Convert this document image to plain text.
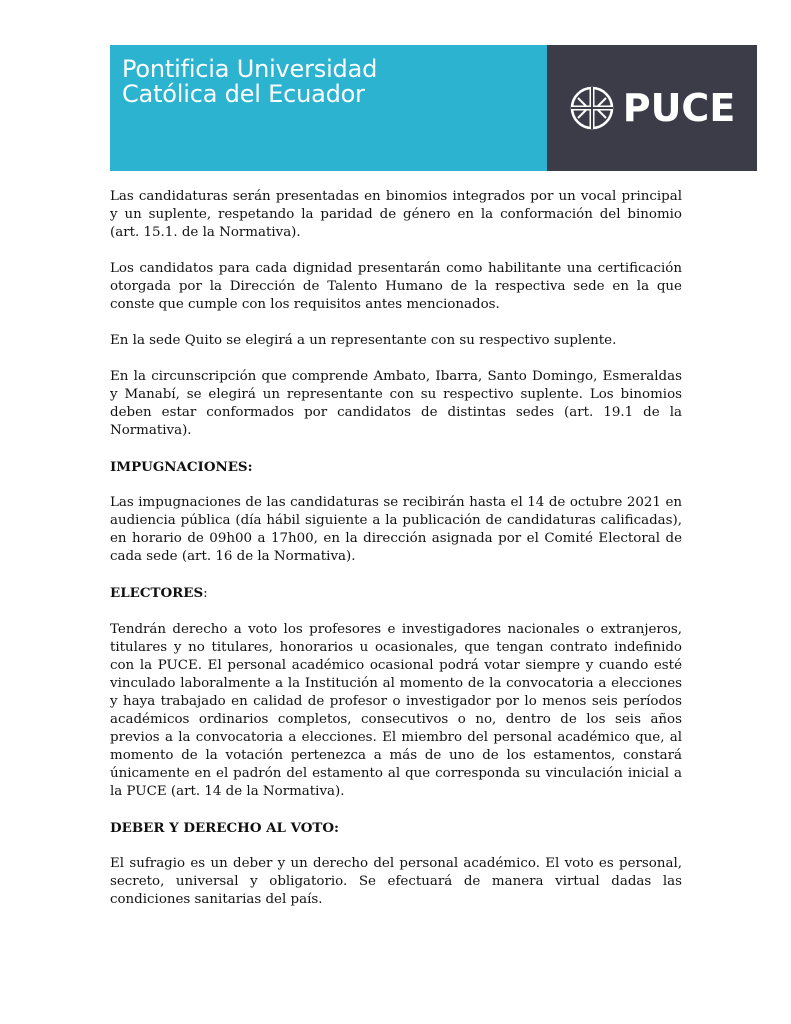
Pontificia Universidad
Católica del Ecuador	PUCE

Las candidaturas serán presentadas en binomios integrados por un vocal principal y un suplente, respetando la paridad de género en la conformación del binomio (art. 15.1. de la Normativa).

Los candidatos para cada dignidad presentarán como habilitante una certificación otorgada por la Dirección de Talento Humano de la respectiva sede en la que conste que cumple con los requisitos antes mencionados.

En la sede Quito se elegirá a un representante con su respectivo suplente.

En la circunscripción que comprende Ambato, Ibarra, Santo Domingo, Esmeraldas y Manabí, se elegirá un representante con su respectivo suplente. Los binomios deben estar conformados por candidatos de distintas sedes (art. 19.1 de la Normativa).

IMPUGNACIONES:

Las impugnaciones de las candidaturas se recibirán hasta el 14 de octubre 2021 en audiencia pública (día hábil siguiente a la publicación de candidaturas calificadas), en horario de 09h00 a 17h00, en la dirección asignada por el Comité Electoral de cada sede (art. 16 de la Normativa).

ELECTORES:

Tendrán derecho a voto los profesores e investigadores nacionales o extranjeros, titulares y no titulares, honorarios u ocasionales, que tengan contrato indefinido con la PUCE. El personal académico ocasional podrá votar siempre y cuando esté vinculado laboralmente a la Institución al momento de la convocatoria a elecciones y haya trabajado en calidad de profesor o investigador por lo menos seis períodos académicos ordinarios completos, consecutivos o no, dentro de los seis años previos a la convocatoria a elecciones. El miembro del personal académico que, al momento de la votación pertenezca a más de uno de los estamentos, constará únicamente en el padrón del estamento al que corresponda su vinculación inicial a la PUCE (art. 14 de la Normativa).

DEBER Y DERECHO AL VOTO:

El sufragio es un deber y un derecho del personal académico. El voto es personal, secreto, universal y obligatorio. Se efectuará de manera virtual dadas las condiciones sanitarias del país.
